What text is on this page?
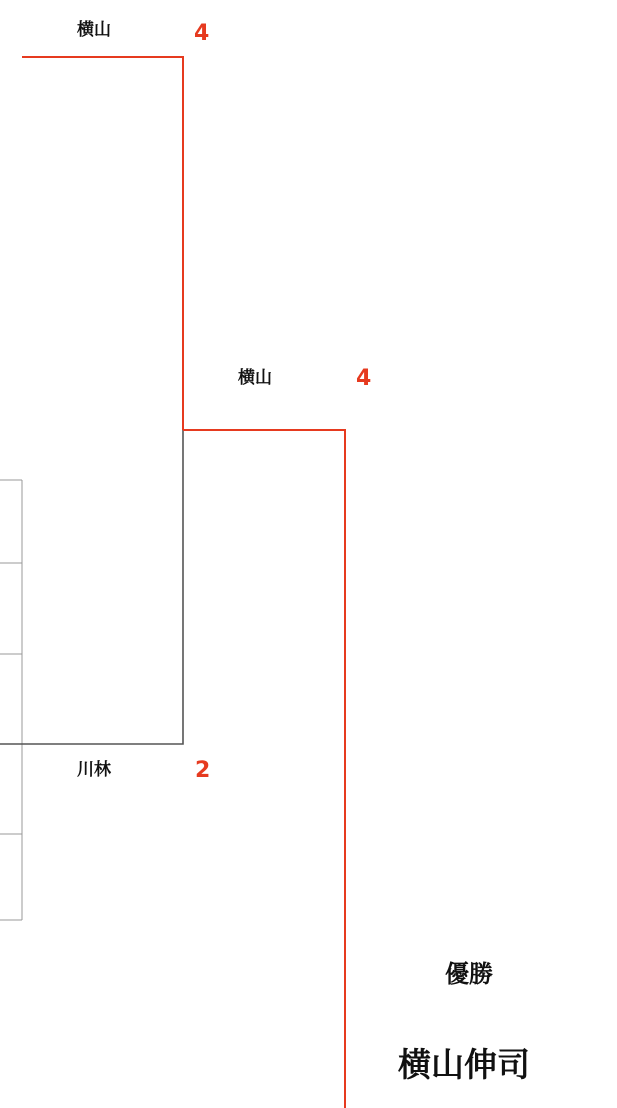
横山	4
横山	4
川林	2
優勝
横山伸司
